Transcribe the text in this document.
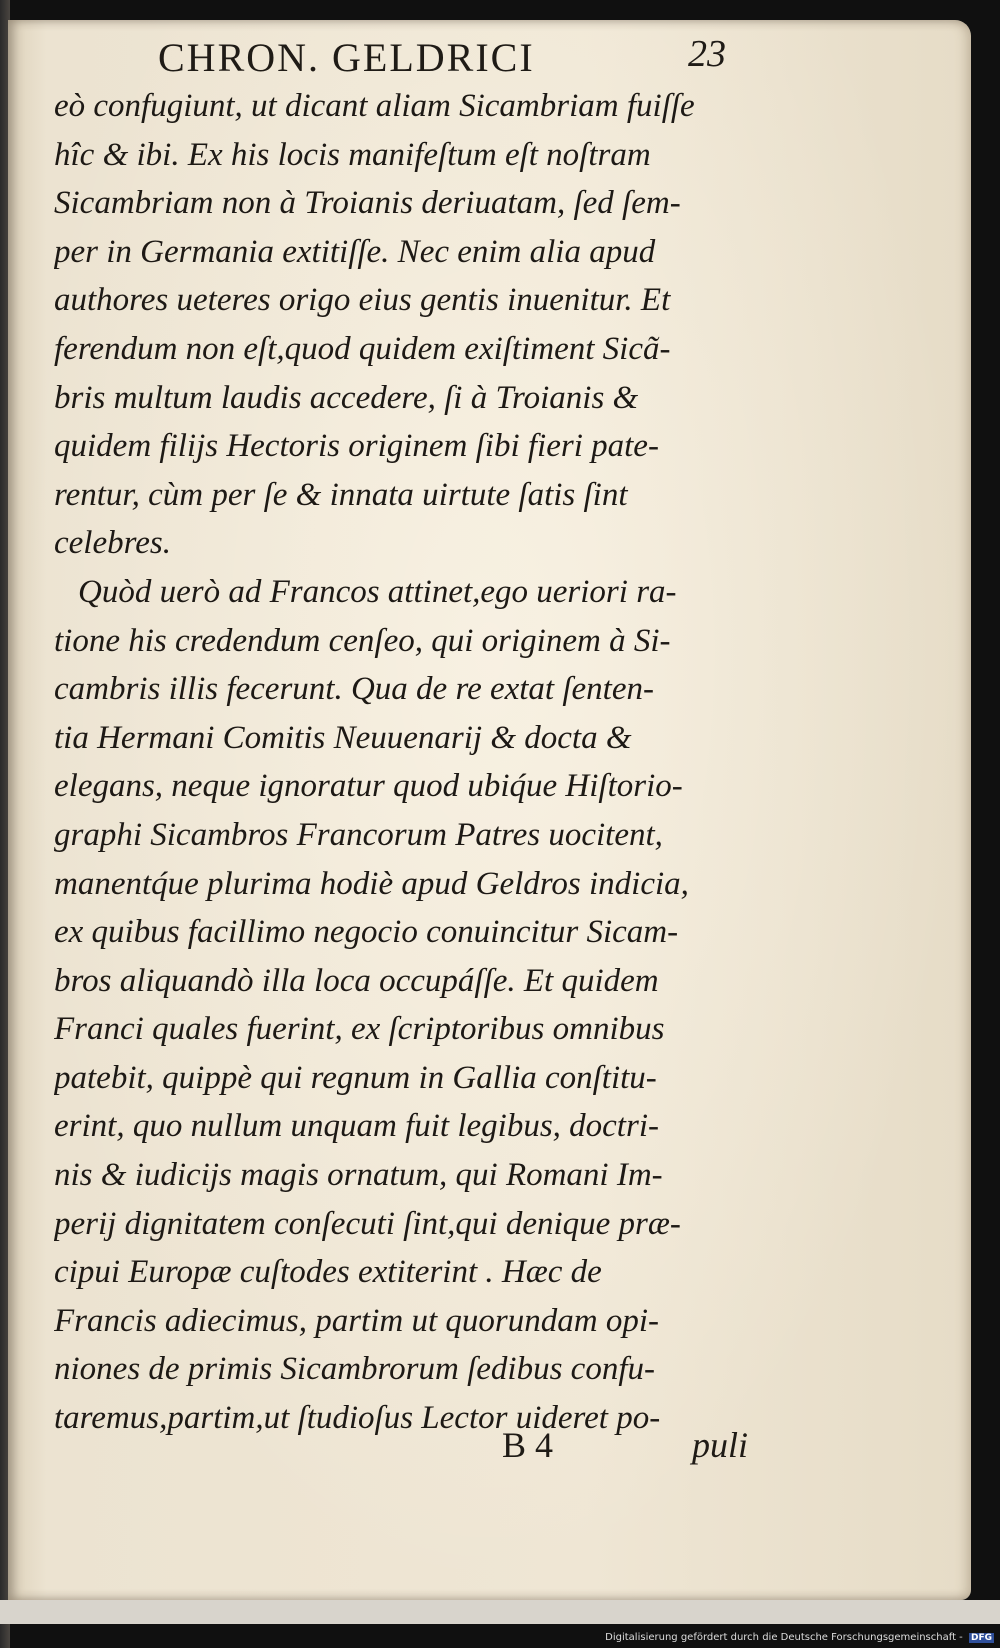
CHRON. GELDRICI	23
eò confugiunt, ut dicant aliam Sicambriam fuiſſe
hîc & ibi. Ex his locis manifeſtum eſt noſtram
Sicambriam non à Troianis deriuatam, ſed ſem-
per in Germania extitiſſe. Nec enim alia apud
authores ueteres origo eius gentis inuenitur. Et
ferendum non eſt,quod quidem exiſtiment Sicã-
bris multum laudis accedere, ſi à Troianis &
quidem filijs Hectoris originem ſibi fieri pate-
rentur, cùm per ſe & innata uirtute ſatis ſint
celebres.
Quòd uerò ad Francos attinet,ego ueriori ra-
tione his credendum cenſeo, qui originem à Si-
cambris illis fecerunt. Qua de re extat ſenten-
tia Hermani Comitis Neuuenarij & docta &
elegans, neque ignoratur quod ubiq́ue Hiſtorio-
graphi Sicambros Francorum Patres uocitent,
manentq́ue plurima hodiè apud Geldros indicia,
ex quibus facillimo negocio conuincitur Sicam-
bros aliquandò illa loca occupáſſe. Et quidem
Franci quales fuerint, ex ſcriptoribus omnibus
patebit, quippè qui regnum in Gallia conſtitu-
erint, quo nullum unquam fuit legibus, doctri-
nis & iudicijs magis ornatum, qui Romani Im-
perij dignitatem conſecuti ſint,qui denique præ-
cipui Europæ cuſtodes extiterint . Hæc de
Francis adiecimus, partim ut quorundam opi-
niones de primis Sicambrorum ſedibus confu-
taremus,partim,ut ſtudioſus Lector uideret po-
B 4	puli
Digitalisierung gefördert durch die Deutsche Forschungsgemeinschaft - DFG
